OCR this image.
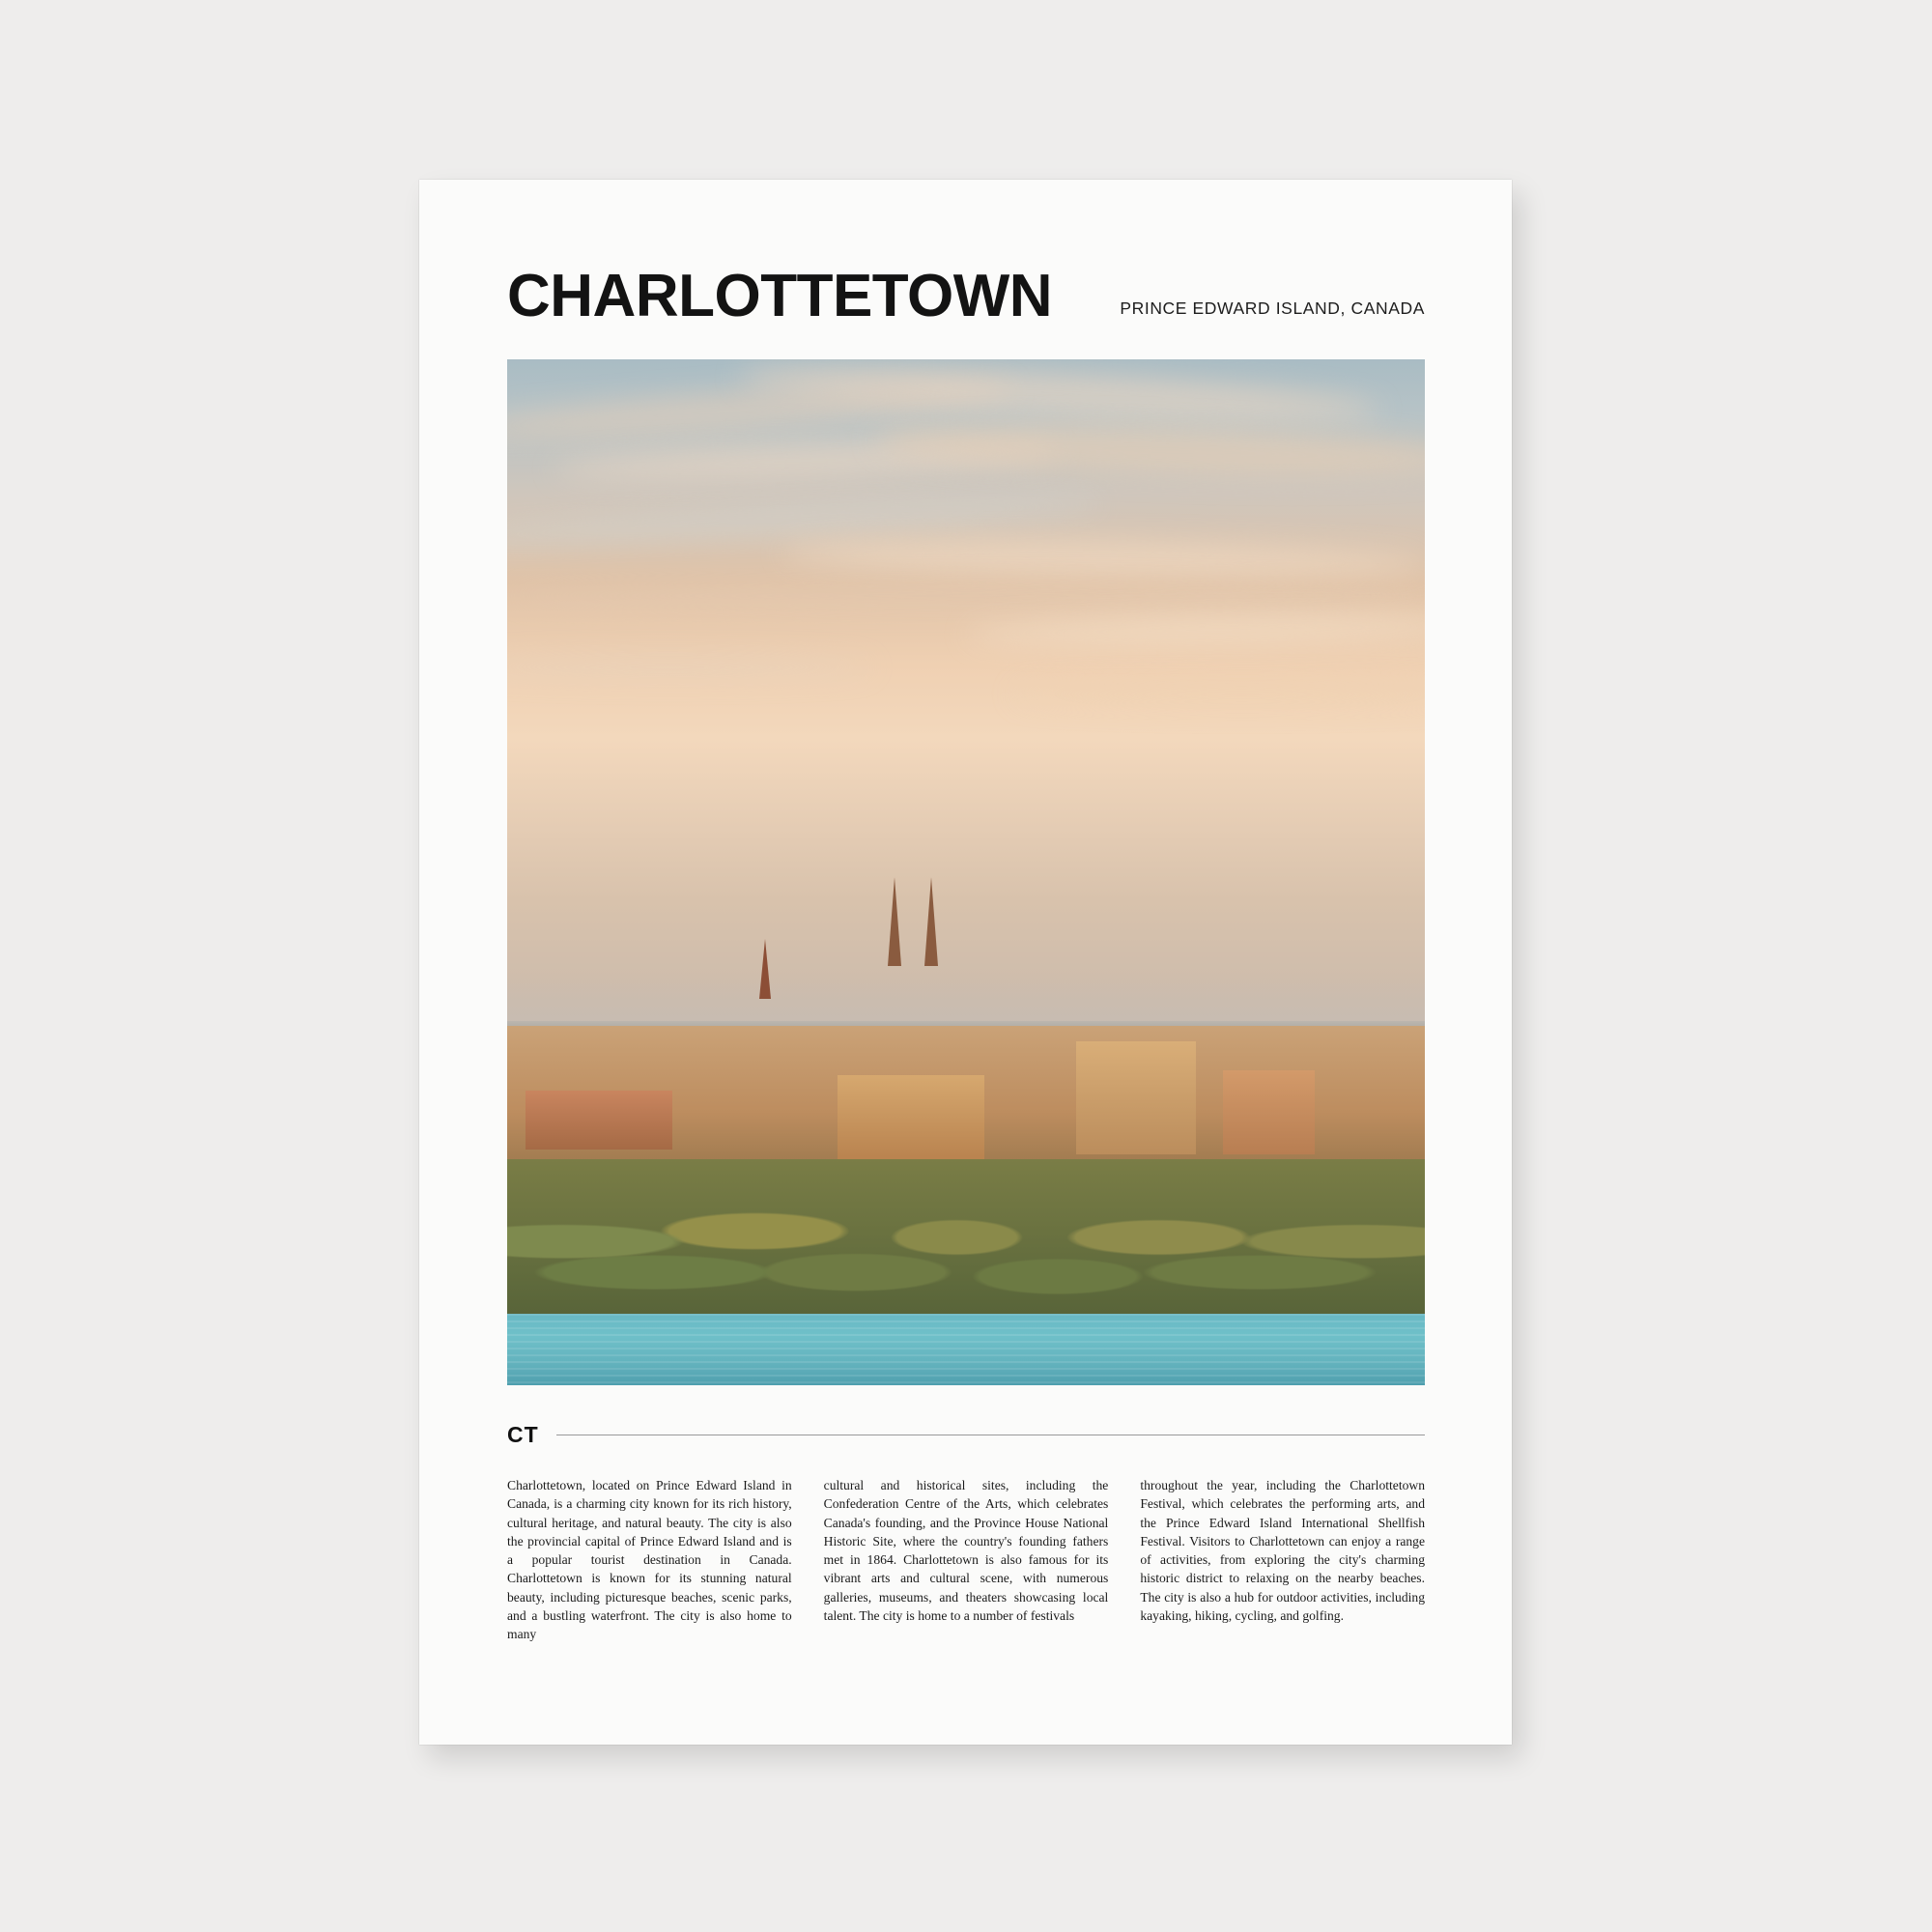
CHARLOTTETOWN	PRINCE EDWARD ISLAND, CANADA
CT
Charlottetown, located on Prince Edward Island in Canada, is a charming city known for its rich history, cultural heritage, and natural beauty. The city is also the provincial capital of Prince Edward Island and is a popular tourist destination in Canada. Charlottetown is known for its stunning natural beauty, including picturesque beaches, scenic parks, and a bustling waterfront. The city is also home to many
cultural and historical sites, including the Confederation Centre of the Arts, which celebrates Canada's founding, and the Province House National Historic Site, where the country's founding fathers met in 1864. Charlottetown is also famous for its vibrant arts and cultural scene, with numerous galleries, museums, and theaters showcasing local talent. The city is home to a number of festivals
throughout the year, including the Charlottetown Festival, which celebrates the performing arts, and the Prince Edward Island International Shellfish Festival. Visitors to Charlottetown can enjoy a range of activities, from exploring the city's charming historic district to relaxing on the nearby beaches. The city is also a hub for outdoor activities, including kayaking, hiking, cycling, and golfing.
